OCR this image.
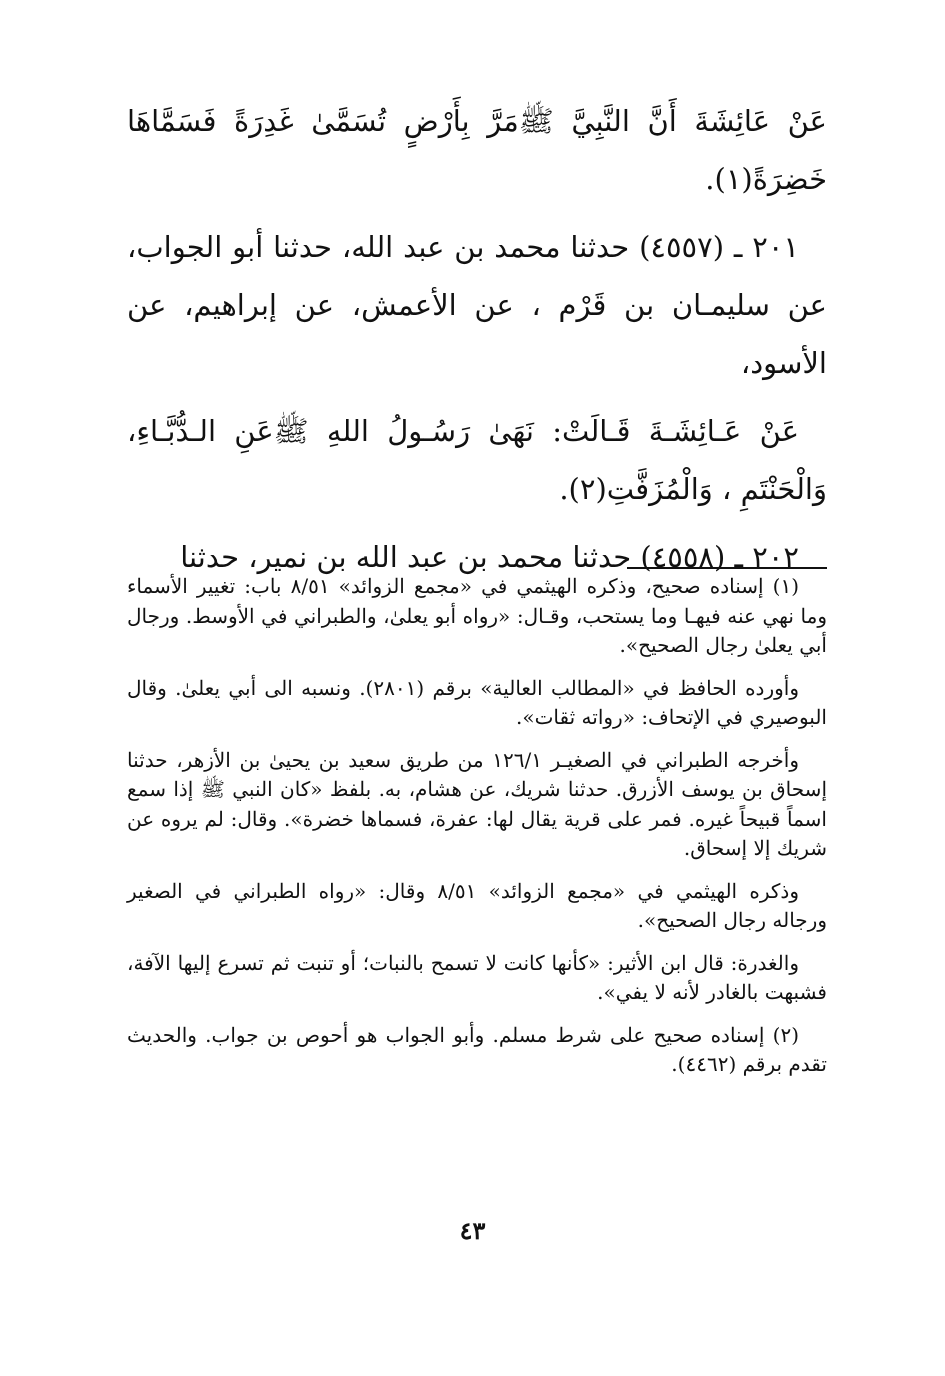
عَنْ عَائِشَةَ أَنَّ النَّبِيَّ ﷺمَرَّ بِأَرْضٍ تُسَمَّىٰ غَدِرَةً فَسَمَّاهَا خَضِرَةً(١).

٢٠١ ـ (٤٥٥٧) حدثنا محمد بن عبد الله، حدثنا أبو الجواب، عن سليمـان بن قَرْم ، عن الأعمش، عن إبراهيم، عن الأسود،

عَنْ عَـائِشَـةَ قَـالَتْ: نَهَىٰ رَسُـولُ اللهِ ﷺعَنِ الـدُّبَّـاءِ، وَالْحَنْتَمِ ، وَالْمُزَفَّتِ(٢).

٢٠٢ ـ (٤٥٥٨) حدثنا محمد بن عبد الله بن نمير، حدثنا

(١) إسناده صحيح، وذكره الهيثمي في «مجمع الزوائد» ٨/٥١ باب: تغيير الأسماء وما نهي عنه فيهـا وما يستحب، وقـال: «رواه أبو يعلىٰ، والطبراني في الأوسط. ورجال أبي يعلىٰ رجال الصحيح».

وأورده الحافظ في «المطالب العالية» برقم (٢٨٠١). ونسبه الى أبي يعلىٰ. وقال البوصيري في الإتحاف: «رواته ثقات».

وأخرجه الطبراني في الصغيـر ١٢٦/١ من طريق سعيد بن يحيىٰ بن الأزهر، حدثنا إسحاق بن يوسف الأزرق. حدثنا شريك، عن هشام، به. بلفظ «كان النبي ﷺ إذا سمع اسماً قبيحاً غيره. فمر على قرية يقال لها: عفرة، فسماها خضرة». وقال: لم يروه عن شريك إلا إسحاق.

وذكره الهيثمي في «مجمع الزوائد» ٨/٥١ وقال: «رواه الطبراني في الصغير ورجاله رجال الصحيح».

والغدرة: قال ابن الأثير: «كأنها كانت لا تسمح بالنبات؛ أو تنبت ثم تسرع إليها الآفة، فشبهت بالغادر لأنه لا يفي».

(٢) إسناده صحيح على شرط مسلم. وأبو الجواب هو أحوص بن جواب. والحديث تقدم برقم (٤٤٦٢).

٤٣
